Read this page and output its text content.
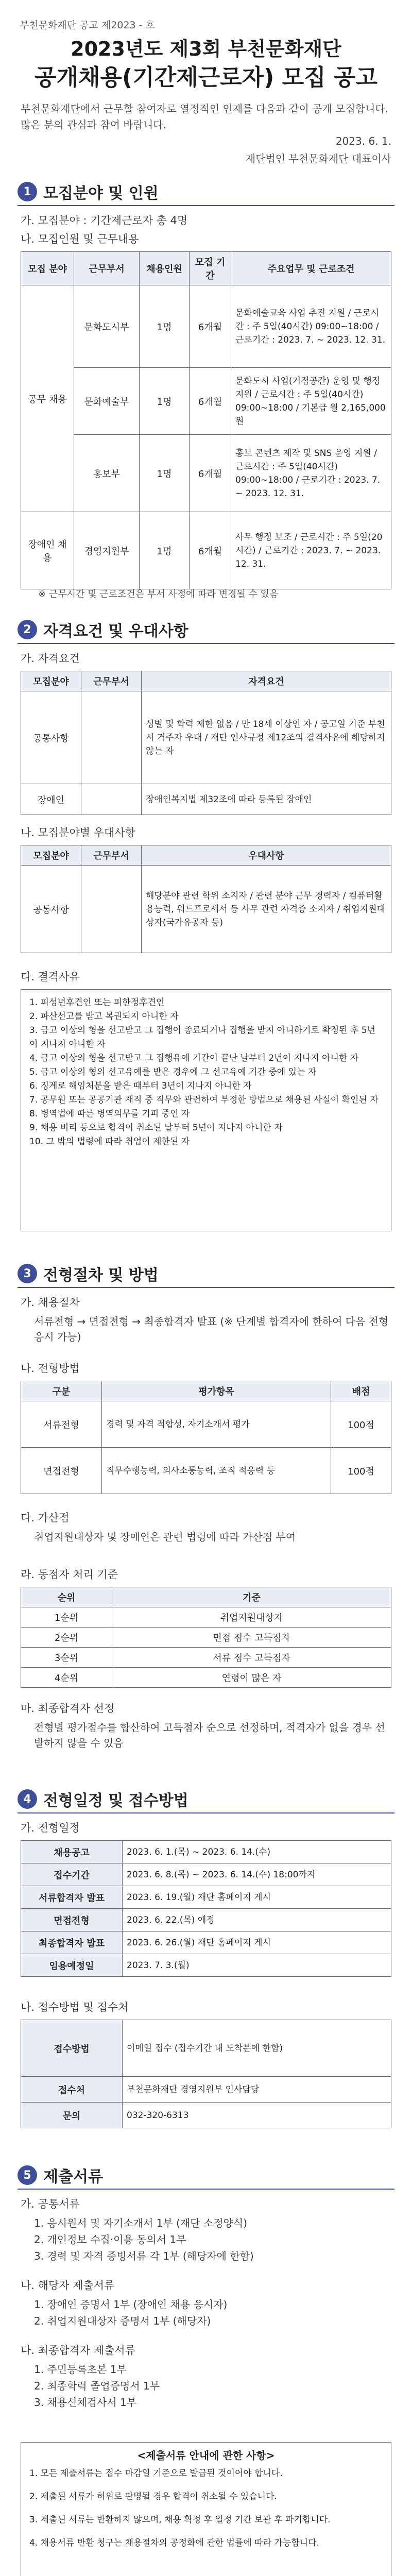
부천문화재단 공고 제2023 - 호
2023년도 제3회 부천문화재단
공개채용(기간제근로자) 모집 공고
부천문화재단에서 근무할 참여자로 열정적인 인재를 다음과 같이 공개 모집합니다. 많은 분의 관심과 참여 바랍니다.
2023. 6. 1.
재단법인 부천문화재단 대표이사
1 모집분야 및 인원
가. 모집분야 : 기간제근로자 총 4명
나. 모집인원 및 근무내용
모집 분야	근무부서	채용인원	모집 기간	주요업무 및 근로조건
공무 채용	문화도시부	1명	6개월	문화예술교육 사업 추진 지원 / 근로시간 : 주 5일(40시간) 09:00~18:00 / 근로기간 : 2023. 7. ~ 2023. 12. 31.
	문화예술부	1명	6개월	문화도시 사업(거점공간) 운영 및 행정지원 / 근로시간 : 주 5일(40시간) 09:00~18:00 / 기본급 월 2,165,000원
	홍보부	1명	6개월	홍보 콘텐츠 제작 및 SNS 운영 지원 / 근로시간 : 주 5일(40시간) 09:00~18:00 / 근로기간 : 2023. 7. ~ 2023. 12. 31.
장애인 채용	경영지원부	1명	6개월	사무 행정 보조 / 근로시간 : 주 5일(20시간) / 근로기간 : 2023. 7. ~ 2023. 12. 31.
※ 근무시간 및 근로조건은 부서 사정에 따라 변경될 수 있음
2 자격요건 및 우대사항
가. 자격요건
모집분야	근무부서	자격요건
공통사항		성별 및 학력 제한 없음 / 만 18세 이상인 자 / 공고일 기준 부천시 거주자 우대 / 재단 인사규정 제12조의 결격사유에 해당하지 않는 자
장애인		장애인복지법 제32조에 따라 등록된 장애인
나. 모집분야별 우대사항
모집분야	근무부서	우대사항
공통사항		해당분야 관련 학위 소지자 / 관련 분야 근무 경력자 / 컴퓨터활용능력, 워드프로세서 등 사무 관련 자격증 소지자 / 취업지원대상자(국가유공자 등)
다. 결격사유

1. 피성년후견인 또는 피한정후견인

2. 파산선고를 받고 복권되지 아니한 자

3. 금고 이상의 형을 선고받고 그 집행이 종료되거나 집행을 받지 아니하기로 확정된 후 5년이 지나지 아니한 자

4. 금고 이상의 형을 선고받고 그 집행유예 기간이 끝난 날부터 2년이 지나지 아니한 자

5. 금고 이상의 형의 선고유예를 받은 경우에 그 선고유예 기간 중에 있는 자

6. 징계로 해임처분을 받은 때부터 3년이 지나지 아니한 자

7. 공무원 또는 공공기관 재직 중 직무와 관련하여 부정한 방법으로 채용된 사실이 확인된 자

8. 병역법에 따른 병역의무를 기피 중인 자

9. 채용 비리 등으로 합격이 취소된 날부터 5년이 지나지 아니한 자

10. 그 밖의 법령에 따라 취업이 제한된 자

3 전형절차 및 방법
가. 채용절차
서류전형 → 면접전형 → 최종합격자 발표 (※ 단계별 합격자에 한하여 다음 전형 응시 가능)
나. 전형방법
구분	평가항목	배점
서류전형	경력 및 자격 적합성, 자기소개서 평가	100점
면접전형	직무수행능력, 의사소통능력, 조직 적응력 등	100점
다. 가산점
취업지원대상자 및 장애인은 관련 법령에 따라 가산점 부여
라. 동점자 처리 기준
순위	기준
1순위	취업지원대상자
2순위	면접 점수 고득점자
3순위	서류 점수 고득점자
4순위	연령이 많은 자
마. 최종합격자 선정
전형별 평가점수를 합산하여 고득점자 순으로 선정하며, 적격자가 없을 경우 선발하지 않을 수 있음
4 전형일정 및 접수방법
가. 전형일정
채용공고	2023. 6. 1.(목) ~ 2023. 6. 14.(수)
접수기간	2023. 6. 8.(목) ~ 2023. 6. 14.(수) 18:00까지
서류합격자 발표	2023. 6. 19.(월) 재단 홈페이지 게시
면접전형	2023. 6. 22.(목) 예정
최종합격자 발표	2023. 6. 26.(월) 재단 홈페이지 게시
임용예정일	2023. 7. 3.(월)
나. 접수방법 및 접수처
접수방법	이메일 접수 (접수기간 내 도착분에 한함)
접수처	부천문화재단 경영지원부 인사담당
문의	032-320-6313
5 제출서류
가. 공통서류
1. 응시원서 및 자기소개서 1부 (재단 소정양식)
2. 개인정보 수집·이용 동의서 1부
3. 경력 및 자격 증빙서류 각 1부 (해당자에 한함)
나. 해당자 제출서류
1. 장애인 증명서 1부 (장애인 채용 응시자)
2. 취업지원대상자 증명서 1부 (해당자)
다. 최종합격자 제출서류
1. 주민등록초본 1부
2. 최종학력 졸업증명서 1부
3. 채용신체검사서 1부
<제출서류 안내에 관한 사항>

1. 모든 제출서류는 접수 마감일 기준으로 발급된 것이어야 합니다.

2. 제출된 서류가 허위로 판명될 경우 합격이 취소될 수 있습니다.

3. 제출된 서류는 반환하지 않으며, 채용 확정 후 일정 기간 보관 후 파기합니다.

4. 채용서류 반환 청구는 채용절차의 공정화에 관한 법률에 따라 가능합니다.
